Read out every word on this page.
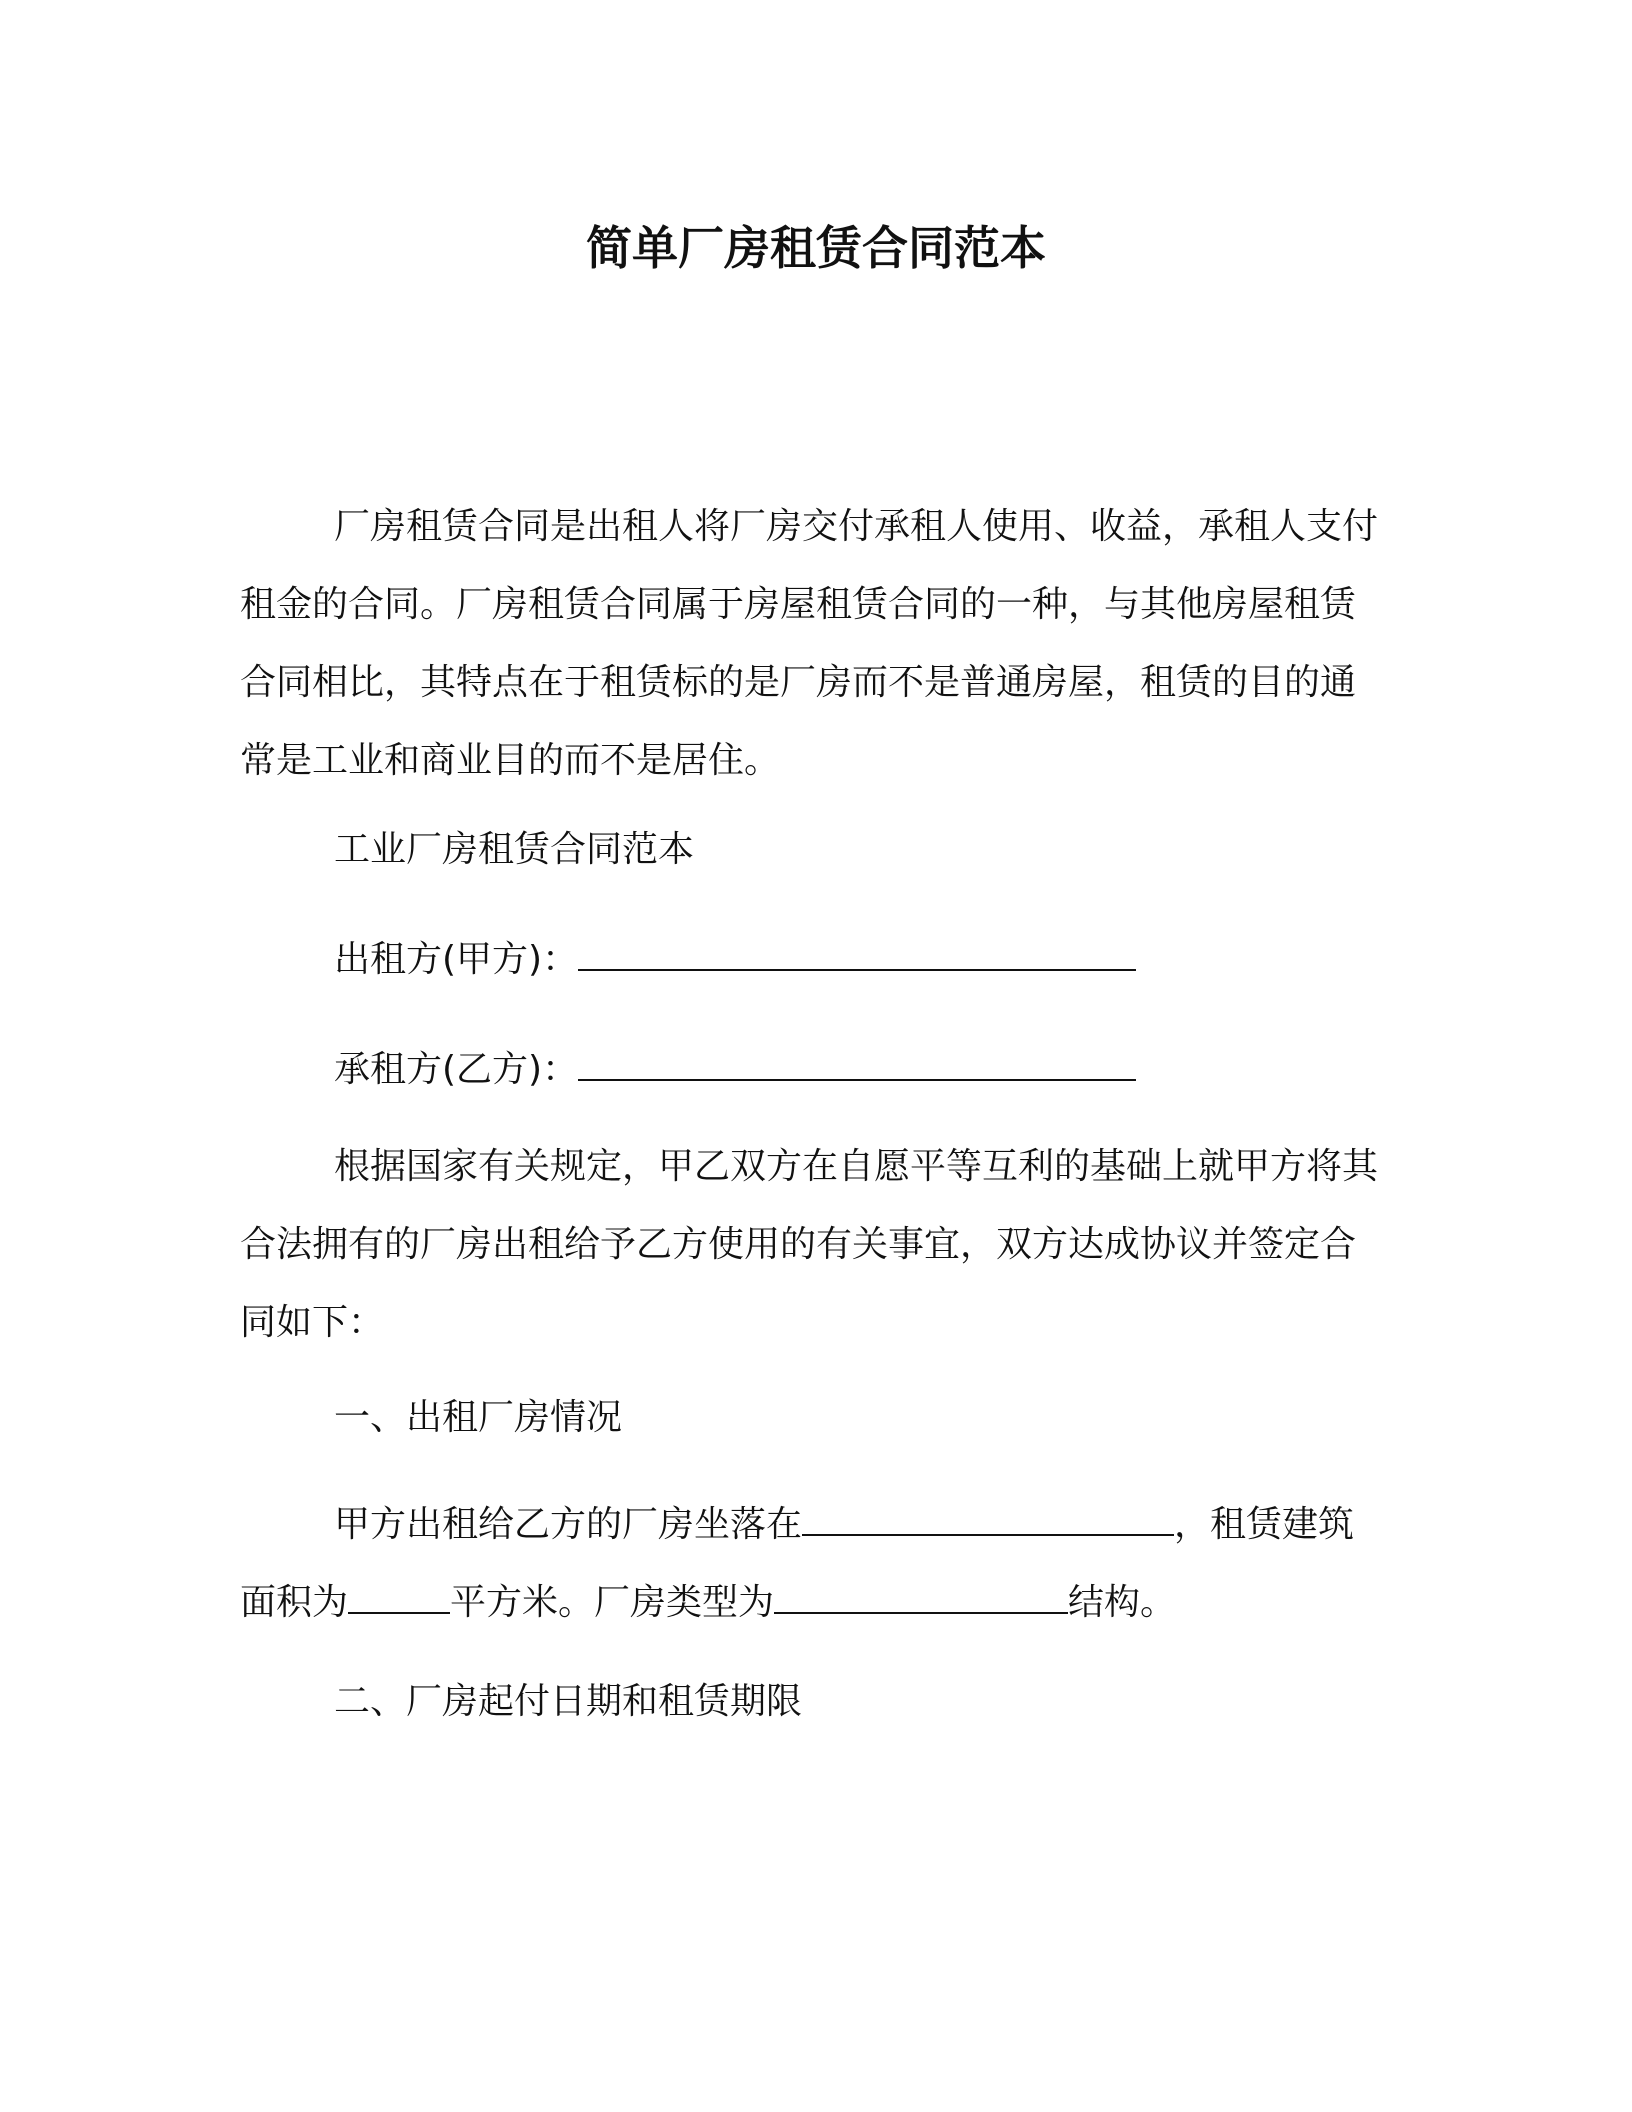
简单厂房租赁合同范本

厂房租赁合同是出租人将厂房交付承租人使用、收益，承租人支付租金的合同。厂房租赁合同属于房屋租赁合同的一种，与其他房屋租赁合同相比，其特点在于租赁标的是厂房而不是普通房屋，租赁的目的通常是工业和商业目的而不是居住。

工业厂房租赁合同范本

出租方(甲方)：

承租方(乙方)：

根据国家有关规定，甲乙双方在自愿平等互利的基础上就甲方将其合法拥有的厂房出租给予乙方使用的有关事宜，双方达成协议并签定合同如下：

一、出租厂房情况

甲方出租给乙方的厂房坐落在	，租赁建筑面积为	平方米。厂房类型为	结构。

二、厂房起付日期和租赁期限
